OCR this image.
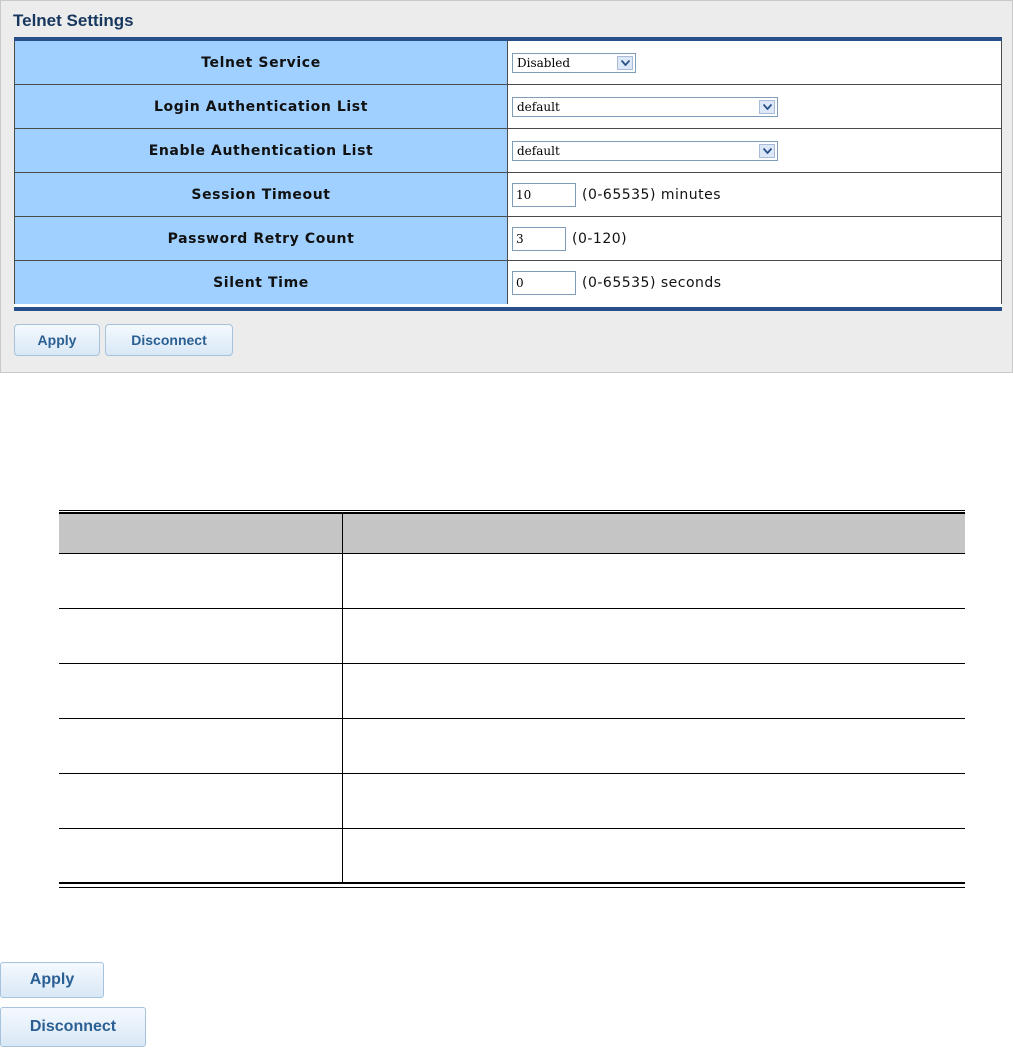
Telnet Settings
Telnet Service	Disabled
Login Authentication List	default
Enable Authentication List	default
Session Timeout	10	(0-65535) minutes
Password Retry Count	3	(0-120)
Silent Time	0	(0-65535) seconds
Apply	Disconnect
Apply
Disconnect
